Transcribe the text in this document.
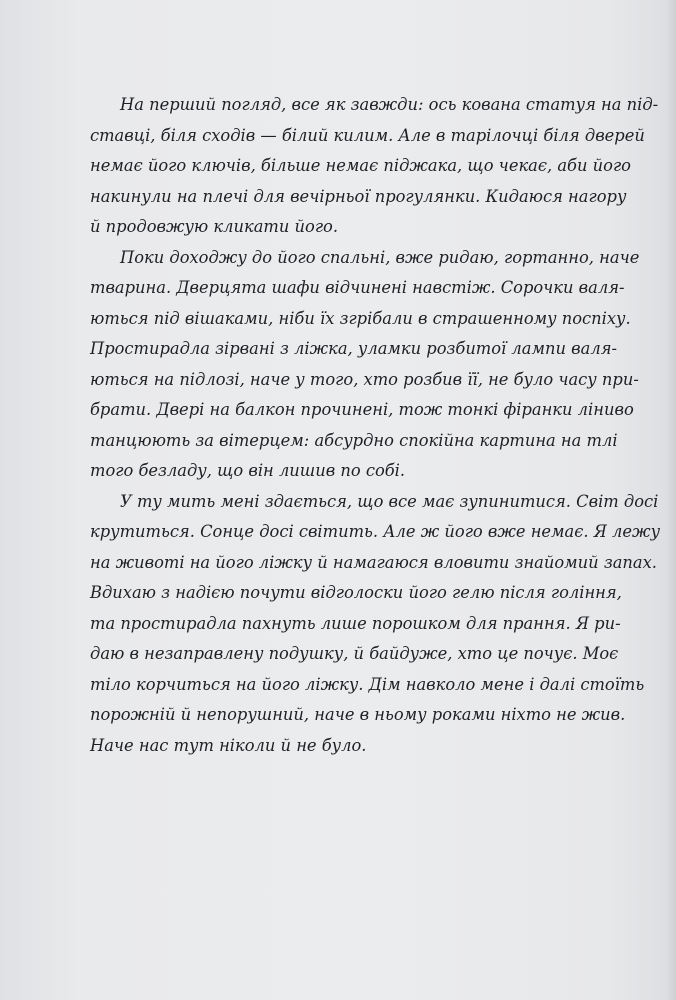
На перший погляд, все як завжди: ось кована статуя на під-
ставці, біля сходів — білий килим. Але в тарілочці біля дверей
немає його ключів, більше немає піджака, що чекає, аби його
накинули на плечі для вечірньої прогулянки. Кидаюся нагору
й продовжую кликати його.

Поки доходжу до його спальні, вже ридаю, гортанно, наче
тварина. Дверцята шафи відчинені навстіж. Сорочки валя-
ються під вішаками, ніби їх згрібали в страшенному поспіху.
Простирадла зірвані з ліжка, уламки розбитої лампи валя-
ються на підлозі, наче у того, хто розбив її, не було часу при-
брати. Двері на балкон прочинені, тож тонкі фіранки ліниво
танцюють за вітерцем: абсурдно спокійна картина на тлі
того безладу, що він лишив по собі.

У ту мить мені здається, що все має зупинитися. Світ досі
крутиться. Сонце досі світить. Але ж його вже немає. Я лежу
на животі на його ліжку й намагаюся вловити знайомий запах.
Вдихаю з надією почути відголоски його гелю після гоління,
та простирадла пахнуть лише порошком для прання. Я ри-
даю в незаправлену подушку, й байдуже, хто це почує. Моє
тіло корчиться на його ліжку. Дім навколо мене і далі стоїть
порожній й непорушний, наче в ньому роками ніхто не жив.
Наче нас тут ніколи й не було.
